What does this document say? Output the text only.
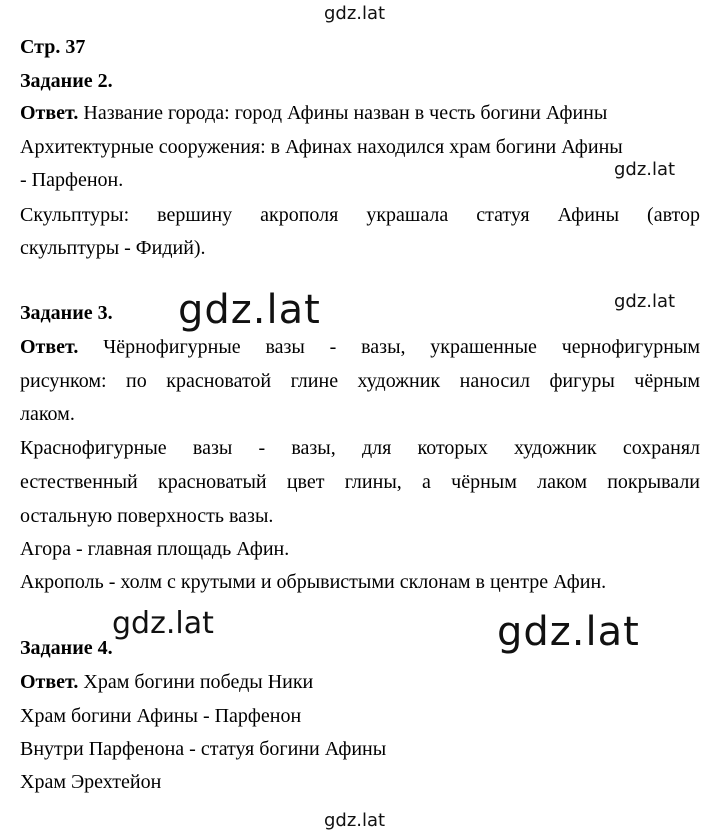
gdz.lat
gdz.lat
gdz.lat
gdz.lat
gdz.lat
gdz.lat
gdz.lat
Стр. 37
Задание 2.
Ответ. Название города: город Афины назван в честь богини Афины
Архитектурные сооружения: в Афинах находился храм богини Афины
- Парфенон.
Скульптуры: вершину акрополя украшала статуя Афины (автор
скульптуры - Фидий).
Задание 3.
Ответ. Чёрнофигурные вазы - вазы, украшенные чернофигурным
рисунком: по красноватой глине художник наносил фигуры чёрным
лаком.
Краснофигурные вазы - вазы, для которых художник сохранял
естественный красноватый цвет глины, а чёрным лаком покрывали
остальную поверхность вазы.
Агора - главная площадь Афин.
Акрополь - холм с крутыми и обрывистыми склонам в центре Афин.
Задание 4.
Ответ. Храм богини победы Ники
Храм богини Афины - Парфенон
Внутри Парфенона - статуя богини Афины
Храм Эрехтейон
